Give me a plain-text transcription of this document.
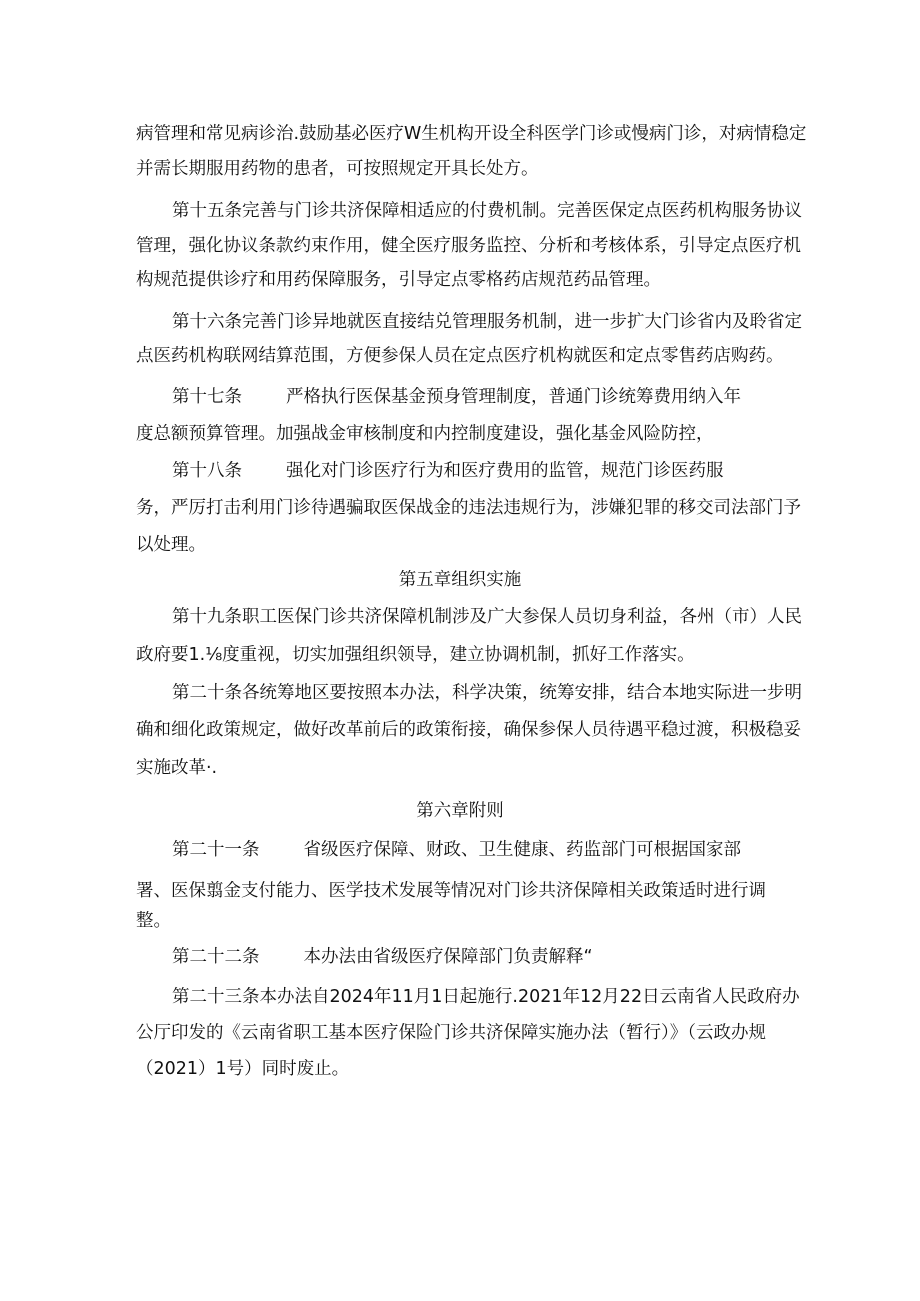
病管理和常见病诊治.鼓励基必医疗W生机构开设全科医学门诊或慢病门诊，对病情稳定
并需长期服用药物的患者，可按照规定开具长处方。
第十五条完善与门诊共济保障相适应的付费机制。完善医保定点医药机构服务协议
管理，强化协议条款约束作用，健全医疗服务监控、分析和考核体系，引导定点医疗机
构规范提供诊疗和用药保障服务，引导定点零格药店规范药品管理。
第十六条完善门诊异地就医直接结兑管理服务机制，进一步扩大门诊省内及聆省定
点医药机构联网结算范围，方便参保人员在定点医疗机构就医和定点零售药店购药。
第十七条	严格执行医保基金预身管理制度，普通门诊统筹费用纳入年
度总额预算管理。加强战金审核制度和内控制度建设，强化基金风险防控，
第十八条	强化对门诊医疗行为和医疗费用的监管，规范门诊医药服
务，严厉打击利用门诊待遇骗取医保战金的违法违规行为，涉嫌犯罪的移交司法部门予
以处理。
第五章组织实施
第十九条职工医保门诊共济保障机制涉及广大参保人员切身利益，各州（市）人民
政府要1.⅛度重视，切实加强组织领导，建立协调机制，抓好工作落实。
第二十条各统筹地区要按照本办法，科学决策，统筹安排，结合本地实际进一步明
确和细化政策规定，做好改革前后的政策衔接，确保参保人员待遇平稳过渡，积极稳妥
实施改革·.
第六章附则
第二十一条	省级医疗保障、财政、卫生健康、药监部门可根据国家部
署、医保翦金支付能力、医学技术发展等情况对门诊共济保障相关政策适时进行调
整。
第二十二条	本办法由省级医疗保障部门负责解释“
第二十三条本办法自2024年11月1日起施行.2021年12月22日云南省人民政府办
公厅印发的《云南省职工基本医疗保险门诊共济保障实施办法（暂行）》（云政办规
（2021）1号）同时废止。
